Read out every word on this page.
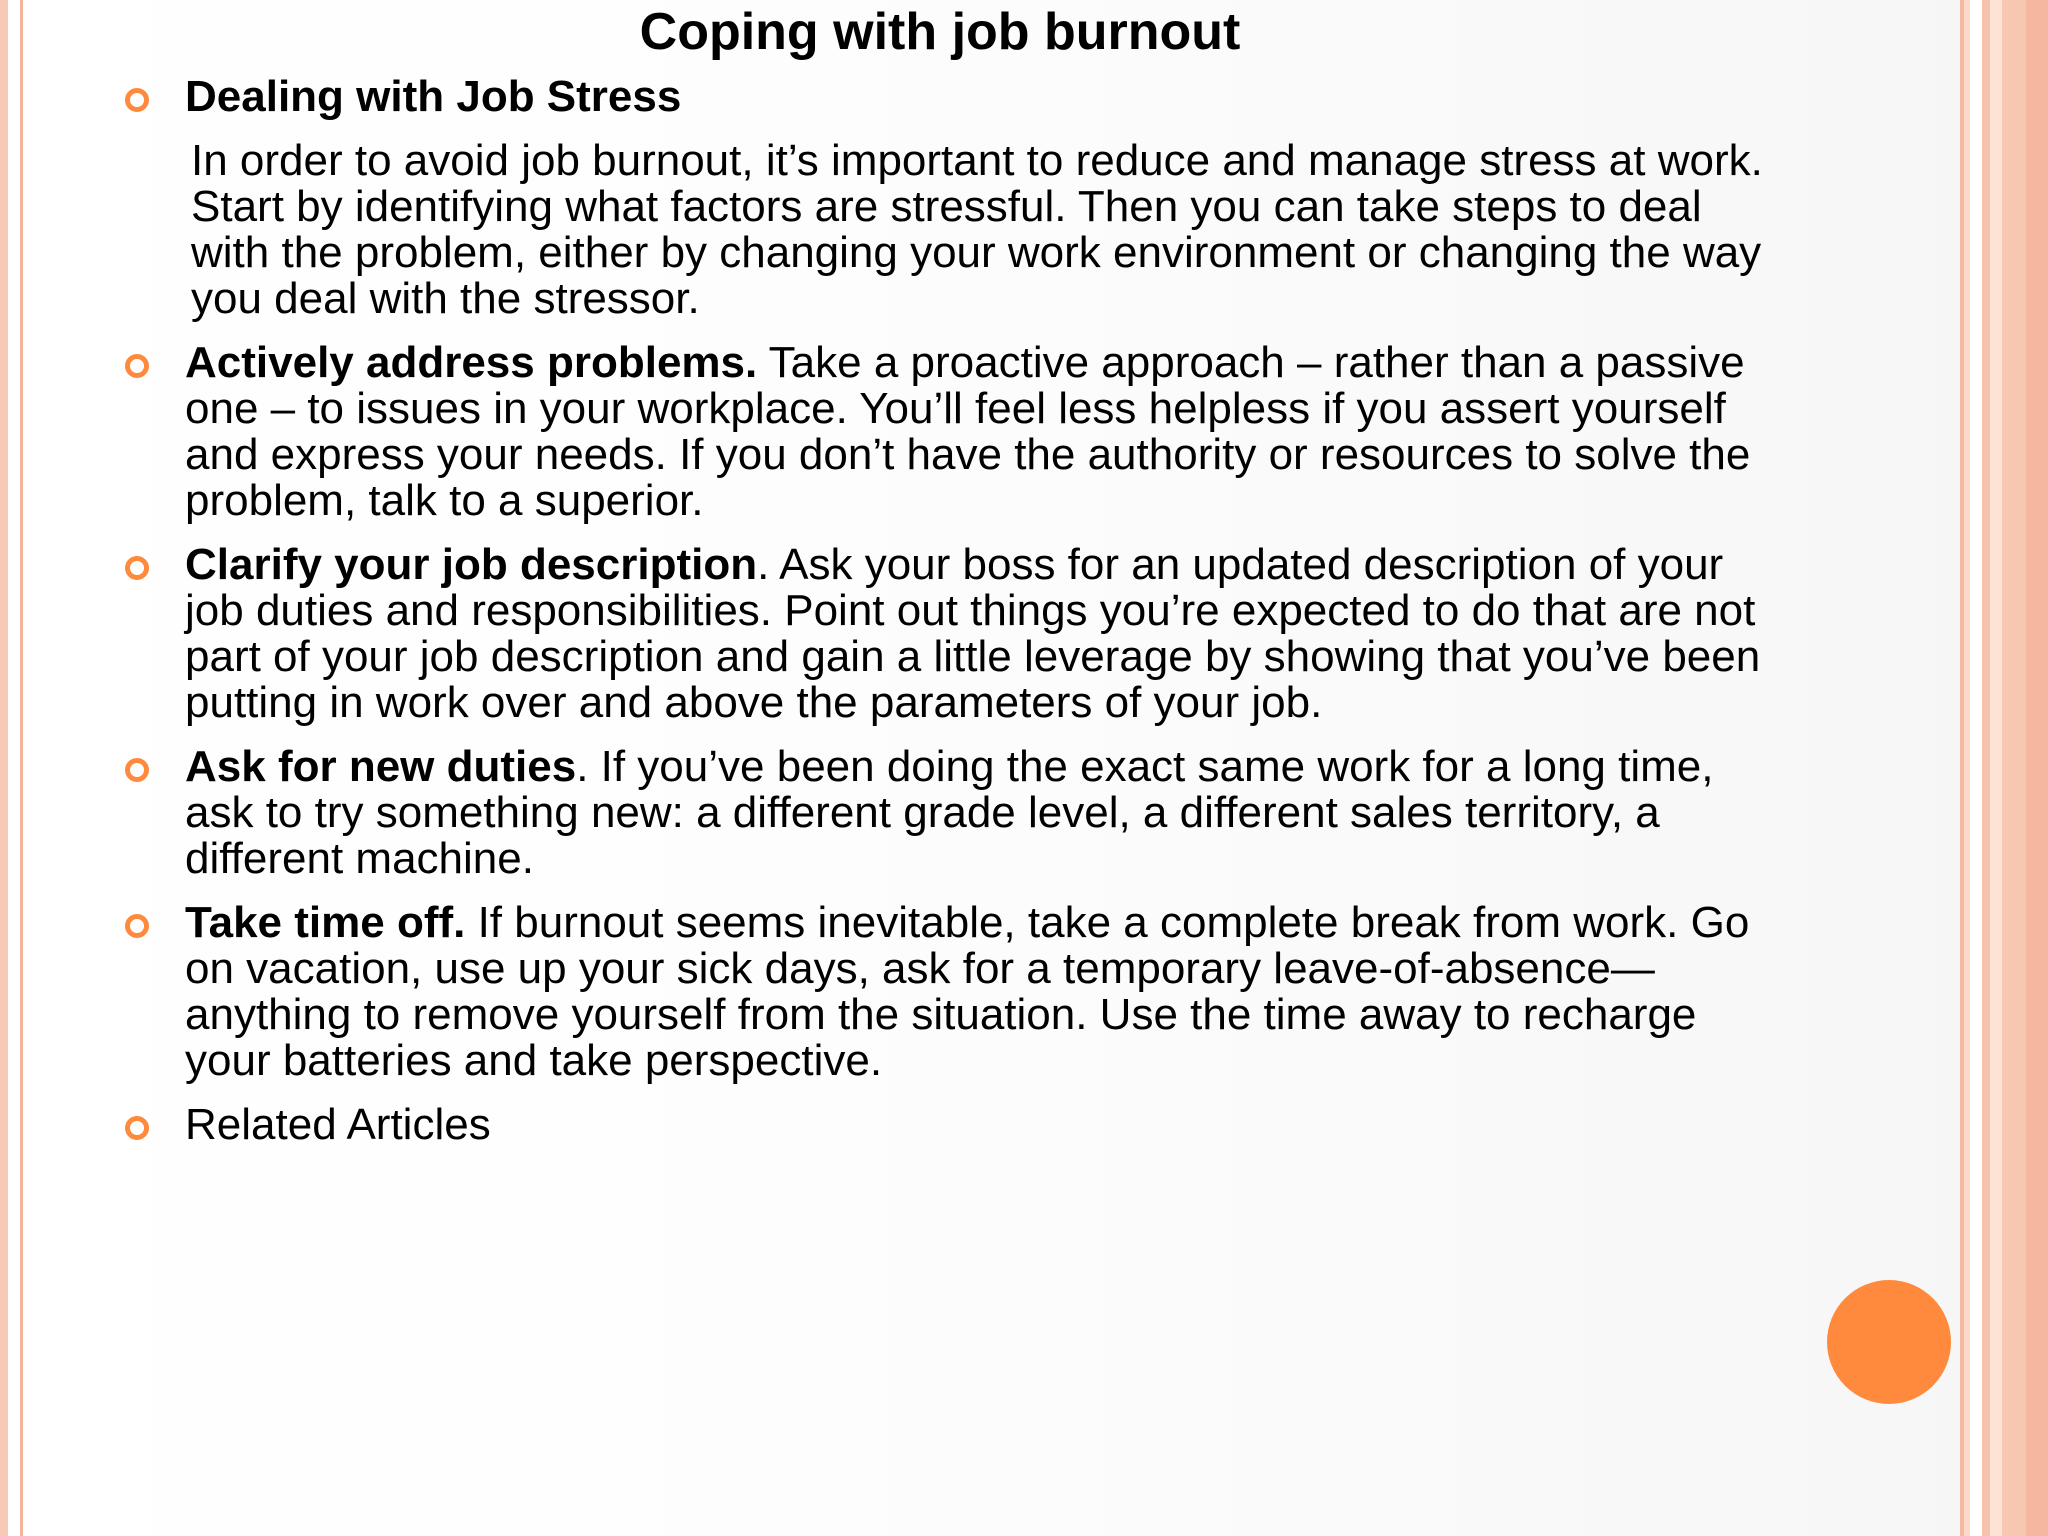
Coping with job burnout
Dealing with Job Stress
In order to avoid job burnout, it’s important to reduce and manage stress at work. Start by identifying what factors are stressful. Then you can take steps to deal with the problem, either by changing your work environment or changing the way you deal with the stressor.
Actively address problems. Take a proactive approach – rather than a passive one – to issues in your workplace. You’ll feel less helpless if you assert yourself and express your needs. If you don’t have the authority or resources to solve the problem, talk to a superior.
Clarify your job description. Ask your boss for an updated description of your job duties and responsibilities. Point out things you’re expected to do that are not part of your job description and gain a little leverage by showing that you’ve been putting in work over and above the parameters of your job.
Ask for new duties. If you’ve been doing the exact same work for a long time, ask to try something new: a different grade level, a different sales territory, a different machine.
Take time off. If burnout seems inevitable, take a complete break from work. Go on vacation, use up your sick days, ask for a temporary leave-of-absence—anything to remove yourself from the situation. Use the time away to recharge your batteries and take perspective.
Related Articles
